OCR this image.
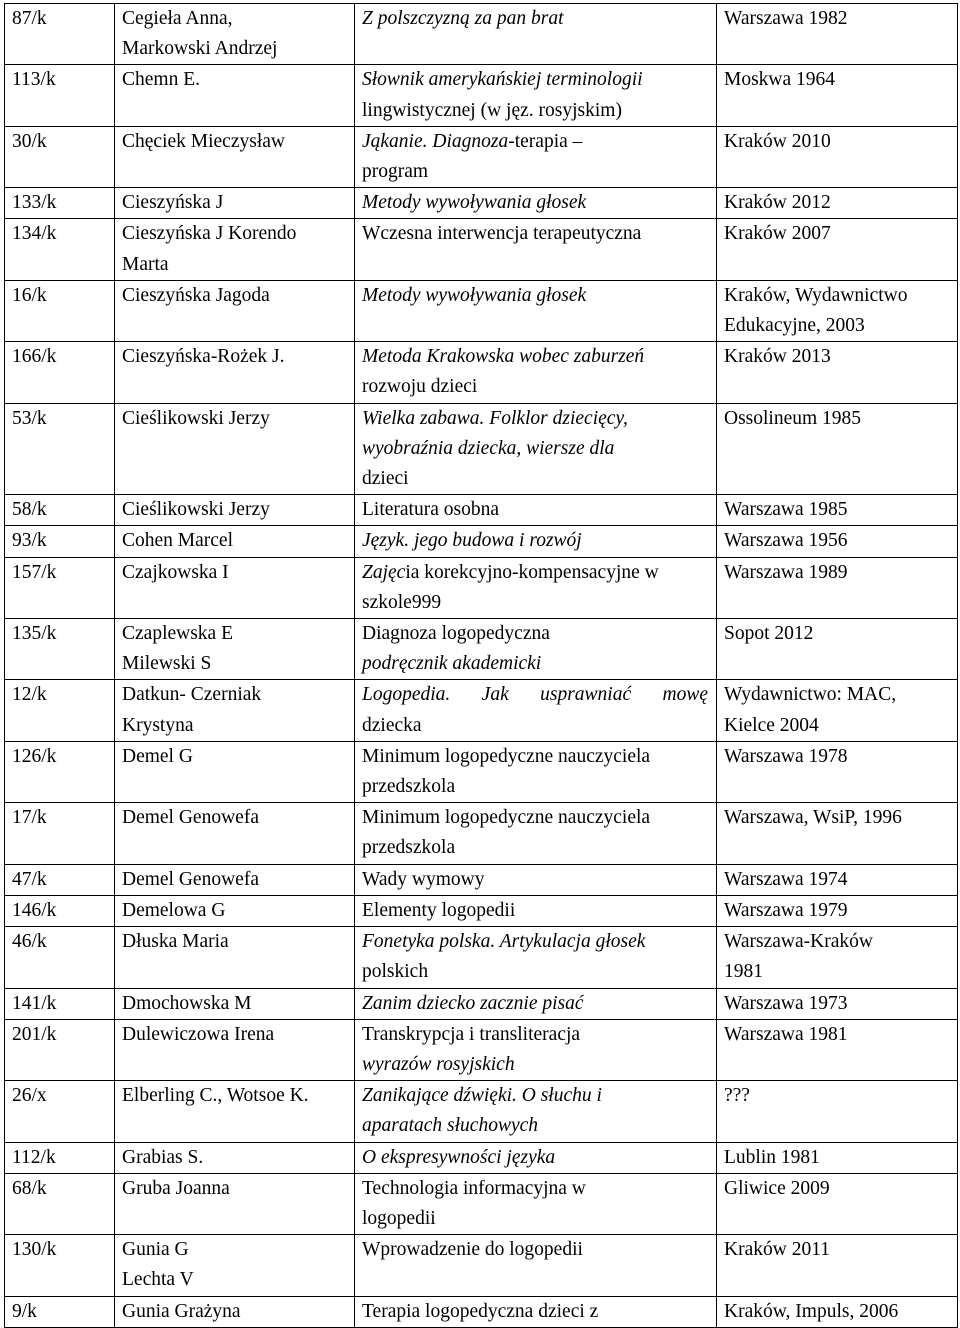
87/k	Cegieła Anna,
Markowski Andrzej	Z polszczyzną za pan brat	Warszawa 1982

113/k	Chemn E.	Słownik amerykańskiej terminologii
lingwistycznej (w jęz. rosyjskim)	Moskwa 1964

30/k	Chęciek Mieczysław	Jąkanie. Diagnoza-terapia –
program	Kraków 2010

133/k	Cieszyńska J	Metody wywoływania głosek	Kraków 2012

134/k	Cieszyńska J Korendo
Marta	Wczesna interwencja terapeutyczna	Kraków 2007

16/k	Cieszyńska Jagoda	Metody wywoływania głosek	Kraków, Wydawnictwo
Edukacyjne, 2003

166/k	Cieszyńska-Rożek J.	Metoda Krakowska wobec zaburzeń
rozwoju dzieci	Kraków 2013

53/k	Cieślikowski Jerzy	Wielka zabawa. Folklor dziecięcy,
wyobraźnia dziecka, wiersze dla
dzieci	Ossolineum 1985

58/k	Cieślikowski Jerzy	Literatura osobna	Warszawa 1985

93/k	Cohen Marcel	Język. jego budowa i rozwój	Warszawa 1956

157/k	Czajkowska I	Zajęcia korekcyjno-kompensacyjne w
szkole999	Warszawa 1989

135/k	Czaplewska E
Milewski S	Diagnoza logopedyczna
podręcznik akademicki	Sopot 2012

12/k	Datkun- Czerniak
Krystyna	Logopedia. Jak usprawniać mowę
dziecka	Wydawnictwo: MAC,
Kielce 2004

126/k	Demel G	Minimum logopedyczne nauczyciela
przedszkola	Warszawa 1978

17/k	Demel Genowefa	Minimum logopedyczne nauczyciela
przedszkola	Warszawa, WsiP, 1996

47/k	Demel Genowefa	Wady wymowy	Warszawa 1974

146/k	Demelowa G	Elementy logopedii	Warszawa 1979

46/k	Dłuska Maria	Fonetyka polska. Artykulacja głosek
polskich	Warszawa-Kraków
1981

141/k	Dmochowska M	Zanim dziecko zacznie pisać	Warszawa 1973

201/k	Dulewiczowa Irena	Transkrypcja i transliteracja
wyrazów rosyjskich	Warszawa 1981

26/x	Elberling C., Wotsoe K.	Zanikające dźwięki. O słuchu i
aparatach słuchowych	???

112/k	Grabias S.	O ekspresywności języka	Lublin 1981

68/k	Gruba Joanna	Technologia informacyjna w
logopedii	Gliwice 2009

130/k	Gunia G
Lechta V	Wprowadzenie do logopedii	Kraków 2011

9/k	Gunia Grażyna	Terapia logopedyczna dzieci z	Kraków, Impuls, 2006
